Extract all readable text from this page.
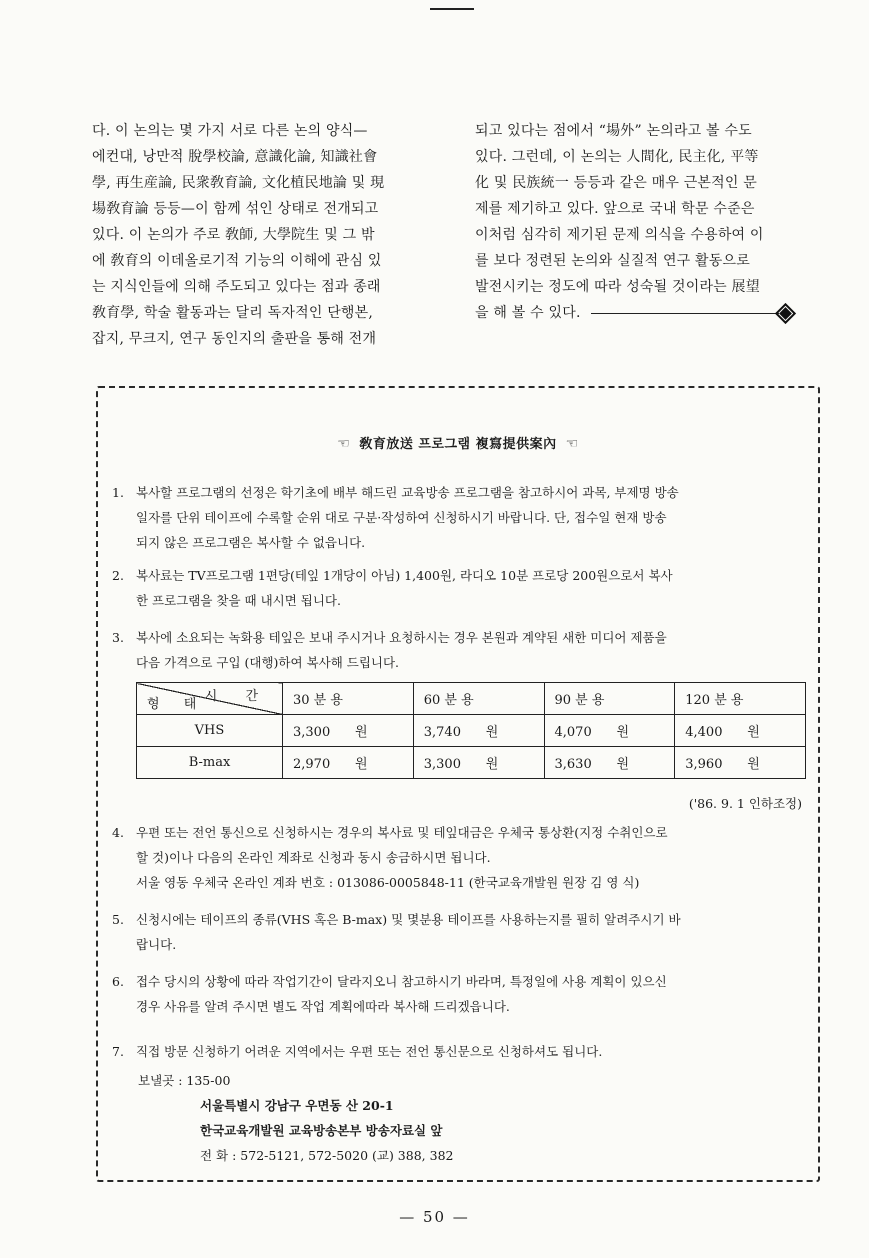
다. 이 논의는 몇 가지 서로 다른 논의 양식—
에컨대, 낭만적 脫學校論, 意識化論, 知識社會
學, 再生産論, 民衆敎育論, 文化植民地論 및 現
場敎育論 등등—이 함께 섞인 상태로 전개되고
있다. 이 논의가 주로 敎師, 大學院生 및 그 밖
에 敎育의 이데올로기적 기능의 이해에 관심 있
는 지식인들에 의해 주도되고 있다는 점과 종래
敎育學, 학술 활동과는 달리 독자적인 단행본,
잡지, 무크지, 연구 동인지의 출판을 통해 전개

되고 있다는 점에서 “場外” 논의라고 볼 수도
있다. 그런데, 이 논의는 人間化, 民主化, 平等
化 및 民族統一 등등과 같은 매우 근본적인 문
제를 제기하고 있다. 앞으로 국내 학문 수준은
이처럼 심각히 제기된 문제 의식을 수용하여 이
를 보다 정련된 논의와 실질적 연구 활동으로
발전시키는 정도에 따라 성숙될 것이라는 展望
을 해 볼 수 있다.

☜ 敎育放送 프로그램 複寫提供案內 ☜
1. 복사할 프로그램의 선정은 학기초에 배부 해드린 교육방송 프로그램을 참고하시어 과목, 부제명 방송
일자를 단위 테이프에 수록할 순위 대로 구분·작성하여 신청하시기 바랍니다. 단, 접수일 현재 방송
되지 않은 프로그램은 복사할 수 없읍니다.
2. 복사료는 TV프로그램 1편당(테잎 1개당이 아님) 1,400원, 라디오 10분 프로당 200원으로서 복사
한 프로그램을 찾을 때 내시면 됩니다.
3. 복사에 소요되는 녹화용 테잎은 보내 주시거나 요청하시는 경우 본원과 계약된 새한 미디어 제품을
다음 가격으로 구입 (대행)하여 복사해 드립니다.
4. 우편 또는 전언 통신으로 신청하시는 경우의 복사료 및 테잎대금은 우체국 통상환(지정 수취인으로
할 것)이나 다음의 온라인 계좌로 신청과 동시 송금하시면 됩니다.
서울 영동 우체국 온라인 계좌 번호 : 013086-0005848-11 (한국교육개발원 원장 김 영 식)
5. 신청시에는 테이프의 종류(VHS 혹은 B-max) 및 몇분용 테이프를 사용하는지를 필히 알려주시기 바
랍니다.
6. 접수 당시의 상황에 따라 작업기간이 달라지오니 참고하시기 바라며, 특정일에 사용 계획이 있으신
경우 사유를 알려 주시면 별도 작업 계획에따라 복사해 드리겠읍니다.
7. 직접 방문 신청하기 어려운 지역에서는 우편 또는 전언 통신문으로 신청하셔도 됩니다.
시 간
형 태	30 분 용	60 분 용	90 분 용	120 분 용
VHS	3,300 원	3,740 원	4,070 원	4,400 원
B-max	2,970 원	3,300 원	3,630 원	3,960 원
('86. 9. 1 인하조정)
보낼곳 : 135-00
서울특별시 강남구 우면동 산 20-1
한국교육개발원 교육방송본부 방송자료실 앞
전 화 : 572-5121, 572-5020 (교) 388, 382
— 50 —
